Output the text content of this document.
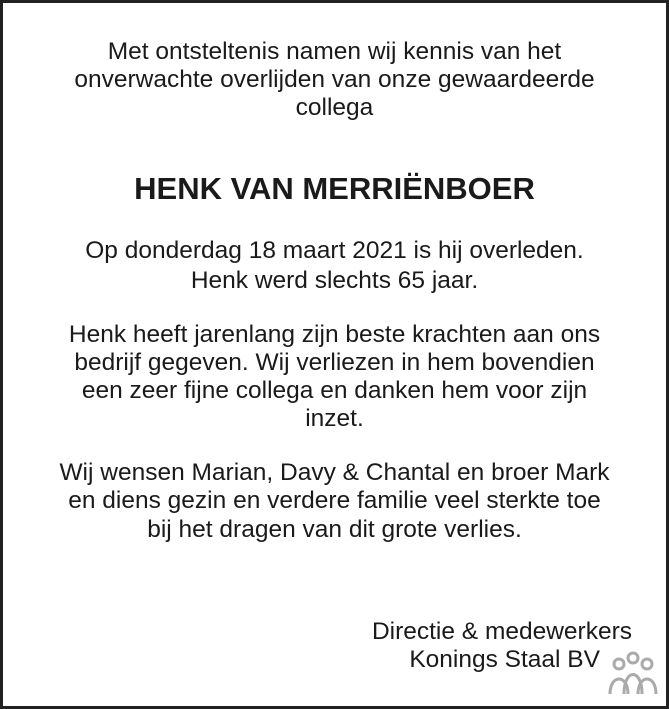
Met ontsteltenis namen wij kennis van het
onverwachte overlijden van onze gewaardeerde
collega
HENK VAN MERRIËNBOER
Op donderdag 18 maart 2021 is hij overleden.
Henk werd slechts 65 jaar.
Henk heeft jarenlang zijn beste krachten aan ons
bedrijf gegeven. Wij verliezen in hem bovendien
een zeer fijne collega en danken hem voor zijn
inzet.
Wij wensen Marian, Davy & Chantal en broer Mark
en diens gezin en verdere familie veel sterkte toe
bij het dragen van dit grote verlies.
Directie & medewerkers
Konings Staal BV
